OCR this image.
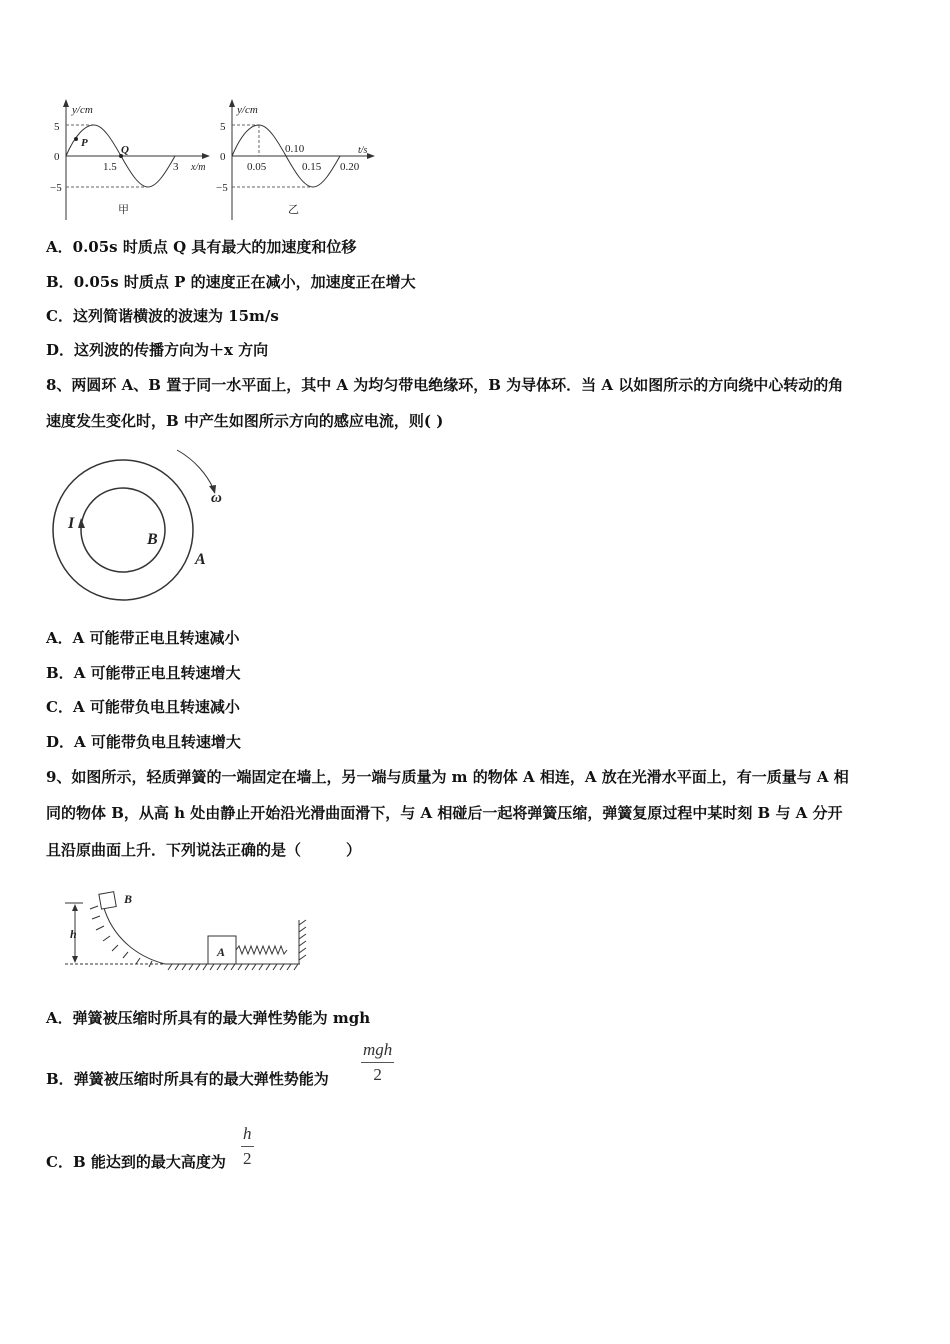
y/cm
5
0
−5
P
Q
1.5	3 x/m
甲
y/cm
5
0
−5
0.05
0.10
0.15 0.20
t/s
乙
A．0.05s 时质点 Q 具有最大的加速度和位移
B．0.05s 时质点 P 的速度正在减小，加速度正在增大
C．这列简谐横波的波速为 15m/s
D．这列波的传播方向为＋x 方向
8、两圆环 A、B 置于同一水平面上，其中 A 为均匀带电绝缘环，B 为导体环．当 A 以如图所示的方向绕中心转动的角
速度发生变化时，B 中产生如图所示方向的感应电流，则( )
ω
I
B
A
A．A 可能带正电且转速减小
B．A 可能带正电且转速增大
C．A 可能带负电且转速减小
D．A 可能带负电且转速增大
9、如图所示，轻质弹簧的一端固定在墙上，另一端与质量为 m 的物体 A 相连，A 放在光滑水平面上，有一质量与 A 相
同的物体 B，从高 h 处由静止开始沿光滑曲面滑下，与 A 相碰后一起将弹簧压缩，弹簧复原过程中某时刻 B 与 A 分开
且沿原曲面上升．下列说法正确的是（　　　）
h
B
A
A．弹簧被压缩时所具有的最大弹性势能为 mgh
B．弹簧被压缩时所具有的最大弹性势能为
mgh
2
C．B 能达到的最大高度为 $\frac{h}{2}$
